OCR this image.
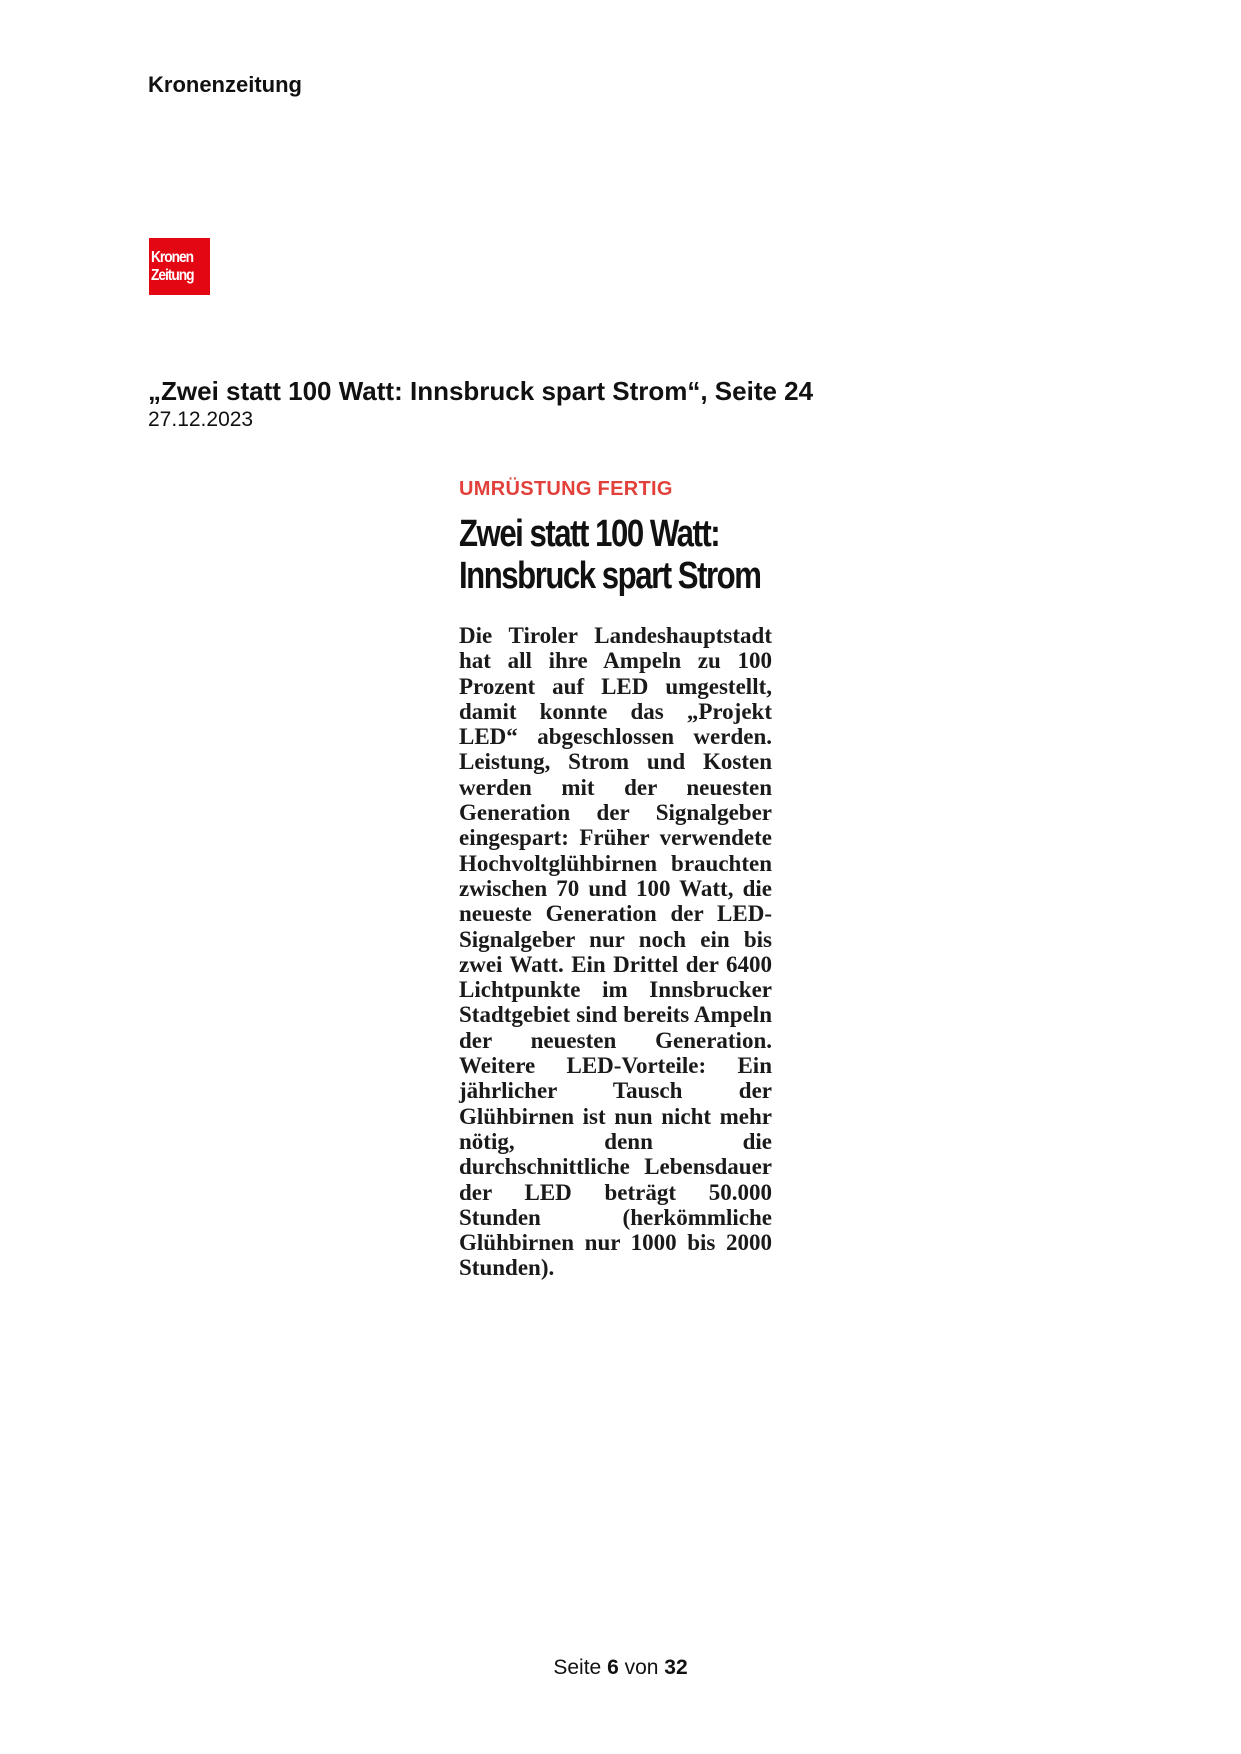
Kronenzeitung
Kronen
Zeitung
„Zwei statt 100 Watt: Innsbruck spart Strom“, Seite 24
27.12.2023
UMRÜSTUNG FERTIG
Zwei statt 100 Watt:
Innsbruck spart Strom
Die Tiroler Landeshauptstadt hat all ihre Ampeln zu 100 Prozent auf LED umgestellt, damit konnte das „Projekt LED“ abgeschlossen werden. Leistung, Strom und Kosten werden mit der neuesten Generation der Signalgeber eingespart: Früher verwendete Hochvoltglühbirnen brauchten zwischen 70 und 100 Watt, die neueste Generation der LED-Signalgeber nur noch ein bis zwei Watt. Ein Drittel der 6400 Lichtpunkte im Innsbrucker Stadtgebiet sind bereits Ampeln der neuesten Generation. Weitere LED-Vorteile: Ein jährlicher Tausch der Glühbirnen ist nun nicht mehr nötig, denn die durchschnittliche Lebensdauer der LED beträgt 50.000 Stunden (herkömmliche Glühbirnen nur 1000 bis 2000 Stunden).
Seite 6 von 32
